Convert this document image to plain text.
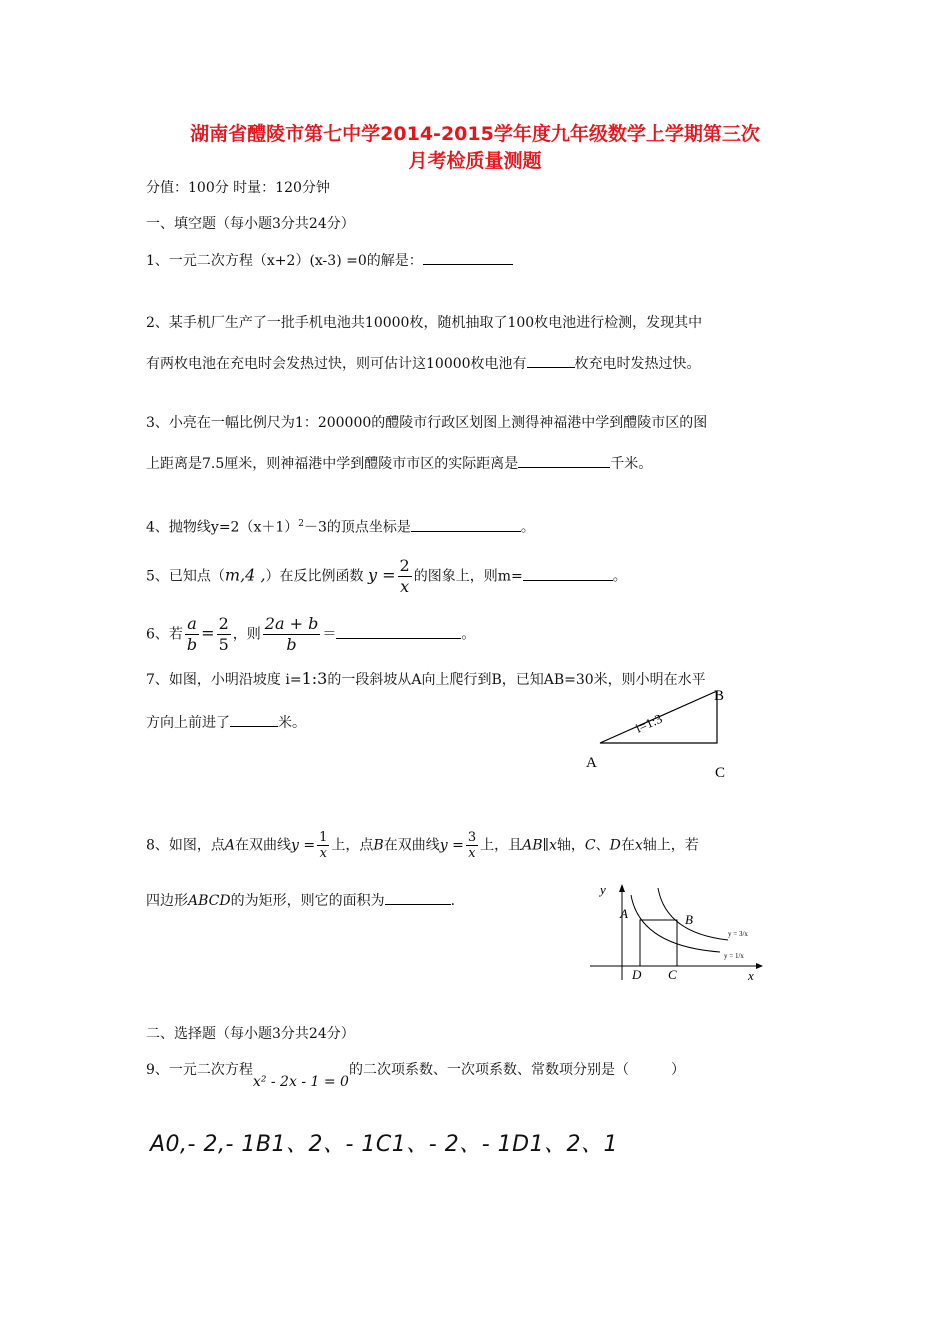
湖南省醴陵市第七中学2014-2015学年度九年级数学上学期第三次
月考检质量测题
分值：100分 时量：120分钟
一、填空题（每小题3分共24分）
1、一元二次方程（x+2）(x-3) =0的解是：
2、某手机厂生产了一批手机电池共10000枚，随机抽取了100枚电池进行检测，发现其中
有两枚电池在充电时会发热过快，则可估计这10000枚电池有	枚充电时发热过快。
3、小亮在一幅比例尺为1：200000的醴陵市行政区划图上测得神福港中学到醴陵市区的图
上距离是7.5厘米，则神福港中学到醴陵市市区的实际距离是	千米。
4、抛物线$y=2(x+1)^2-3$的顶点坐标是	。
5、已知点（m,4 ,）在反比例函数 $y = \frac{2}{x}$ 的图象上，则m=	。
6、若 $\frac{a}{b} = \frac{2}{5}$ ，则 $\frac{2a + b}{b}$ ＝	。
7、如图，小明沿坡度 i=1:3的一段斜坡从A向上爬行到B，已知AB=30米，则小明在水平
方向上前进了	米。
B
A
C
i=1:3
8、如图，点A在双曲线$y = \frac{1}{x}$ 上，点B在双曲线$y = \frac{3}{x}$ 上，且AB∥x轴，C、D在x轴上，若
四边形ABCD的为矩形，则它的面积为	.
y
x
A	B
D C
y = 3/x
y = 1/x
二、选择题（每小题3分共24分）
9、一元二次方程x² - 2x - 1 = 0的二次项系数、一次项系数、常数项分别是（　　　）
A0,- 2,- 1B1、2、- 1C1、- 2、- 1D1、2、1
